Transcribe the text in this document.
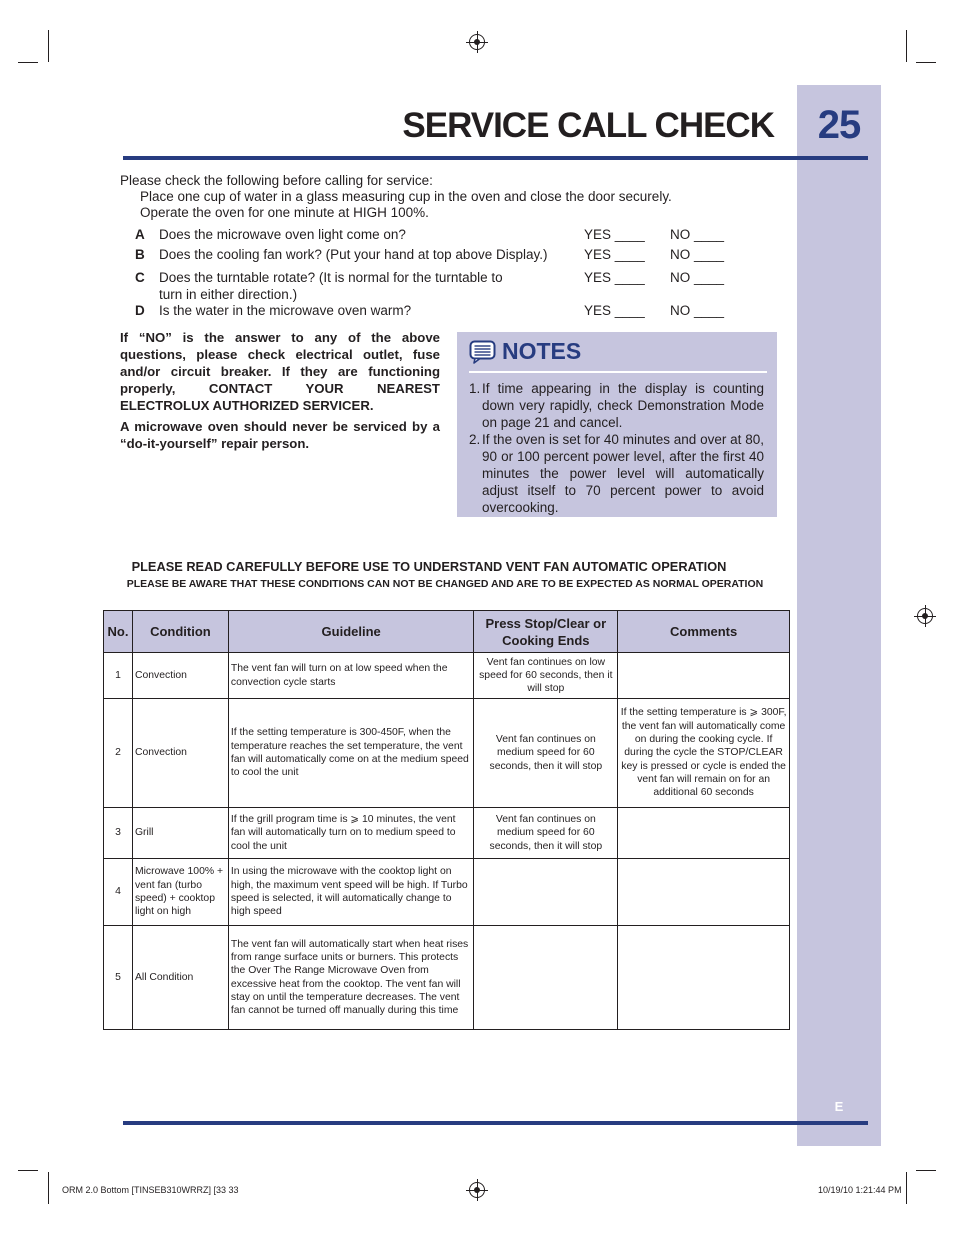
25
E
SERVICE CALL CHECK
Please check the following before calling for service:
Place one cup of water in a glass measuring cup in the oven and close the door securely.
Operate the oven for one minute at HIGH 100%.
A Does the microwave oven light come on?	YES ____ NO ____
B Does the cooling fan work? (Put your hand at top above Display.)	YES ____ NO ____
C Does the turntable rotate? (It is normal for the turntable to turn in either direction.)
YES ____ NO ____
D Is the water in the microwave oven warm?	YES ____ NO ____

If “NO” is the answer to any of the above questions, please check electrical outlet, fuse and/or circuit breaker. If they are functioning properly, CONTACT YOUR NEAREST ELECTROLUX AUTHORIZED SERVICER.

A microwave oven should never be serviced by a “do-it-yourself” repair person.

NOTES
1. If time appearing in the display is counting down very rapidly, check Demonstration Mode on page 21 and cancel.
2. If the oven is set for 40 minutes and over at 80, 90 or 100 percent power level, after the first 40 minutes the power level will automatically adjust itself to 70 percent power to avoid overcooking.
PLEASE READ CAREFULLY BEFORE USE TO UNDERSTAND VENT FAN AUTOMATIC OPERATION
PLEASE BE AWARE THAT THESE CONDITIONS CAN NOT BE CHANGED AND ARE TO BE EXPECTED AS NORMAL OPERATION
No.	Condition	Guideline	Press Stop/Clear or Cooking Ends	Comments
1	Convection	The vent fan will turn on at low speed when the convection cycle starts	Vent fan continues on low speed for 60 seconds, then it will stop	
2	Convection	If the setting temperature is 300-450F, when the temperature reaches the set temperature, the vent fan will automatically come on at the medium speed to cool the unit	Vent fan continues on medium speed for 60 seconds, then it will stop	If the setting temperature is ⩾ 300F, the vent fan will automatically come on during the cooking cycle. If during the cycle the STOP/CLEAR key is pressed or cycle is ended the vent fan will remain on for an additional 60 seconds
3	Grill	If the grill program time is ⩾ 10 minutes, the vent fan will automatically turn on to medium speed to cool the unit	Vent fan continues on medium speed for 60 seconds, then it will stop	
4	Microwave 100% + vent fan (turbo speed) + cooktop light on high	In using the microwave with the cooktop light on high, the maximum vent speed will be high. If Turbo speed is selected, it will automatically change to high speed		
5	All Condition	The vent fan will automatically start when heat rises from range surface units or burners. This protects the Over The Range Microwave Oven from excessive heat from the cooktop. The vent fan will stay on until the temperature decreases. The vent fan cannot be turned off manually during this time		
ORM 2.0 Bottom [TINSEB310WRRZ] [33 33	10/19/10 1:21:44 PM
